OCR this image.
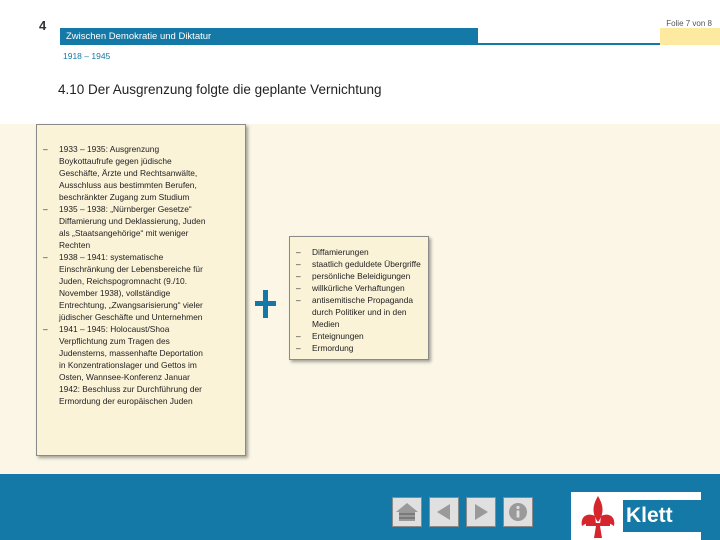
4	Folie 7 von 8
Zwischen Demokratie und Diktatur
1918 – 1945
4.10 Der Ausgrenzung folgte die geplante Vernichtung
– 1933 – 1935: Ausgrenzung
Boykottaufrufe gegen jüdische
Geschäfte, Ärzte und Rechtsanwälte,
Ausschluss aus bestimmten Berufen,
beschränkter Zugang zum Studium
– 1935 – 1938: „Nürnberger Gesetze“
Diffamierung und Deklassierung, Juden
als „Staatsangehörige“ mit weniger
Rechten
– 1938 – 1941: systematische
Einschränkung der Lebensbereiche für
Juden, Reichspogromnacht (9./10.
November 1938), vollständige
Entrechtung, „Zwangsarisierung“ vieler
jüdischer Geschäfte und Unternehmen
– 1941 – 1945: Holocaust/Shoa
Verpflichtung zum Tragen des
Judensterns, massenhafte Deportation
in Konzentrationslager und Gettos im
Osten, Wannsee-Konferenz Januar
1942: Beschluss zur Durchführung der
Ermordung der europäischen Juden
– Diffamierungen
– staatlich geduldete Übergriffe
– persönliche Beleidigungen
– willkürliche Verhaftungen
– antisemitische Propaganda
durch Politiker und in den
Medien
– Enteignungen
– Ermordung
Klett
